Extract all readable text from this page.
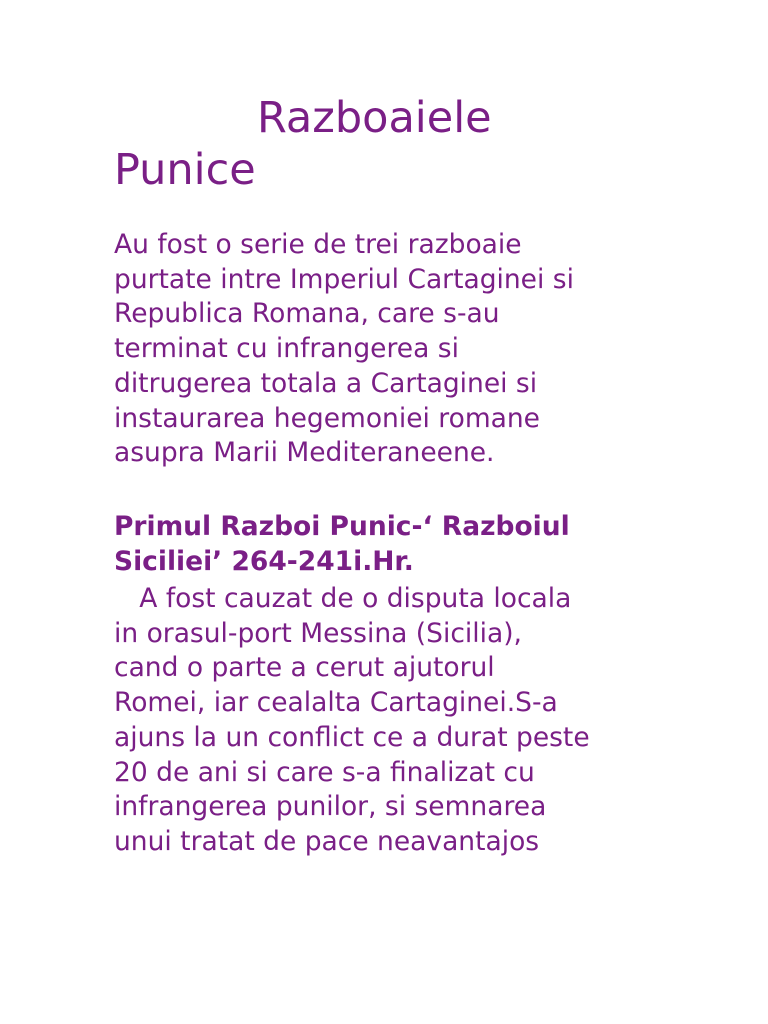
Razboaiele
Punice

Au fost o serie de trei razboaie
purtate intre Imperiul Cartaginei si
Republica Romana, care s-au
terminat cu infrangerea si
ditrugerea totala a Cartaginei si
instaurarea hegemoniei romane
asupra Marii Mediteraneene.

Primul Razboi Punic-‘ Razboiul
Siciliei’ 264-241i.Hr.

A fost cauzat de o disputa locala
in orasul-port Messina (Sicilia),
cand o parte a cerut ajutorul
Romei, iar cealalta Cartaginei.S-a
ajuns la un conflict ce a durat peste
20 de ani si care s-a finalizat cu
infrangerea punilor, si semnarea
unui tratat de pace neavantajos
